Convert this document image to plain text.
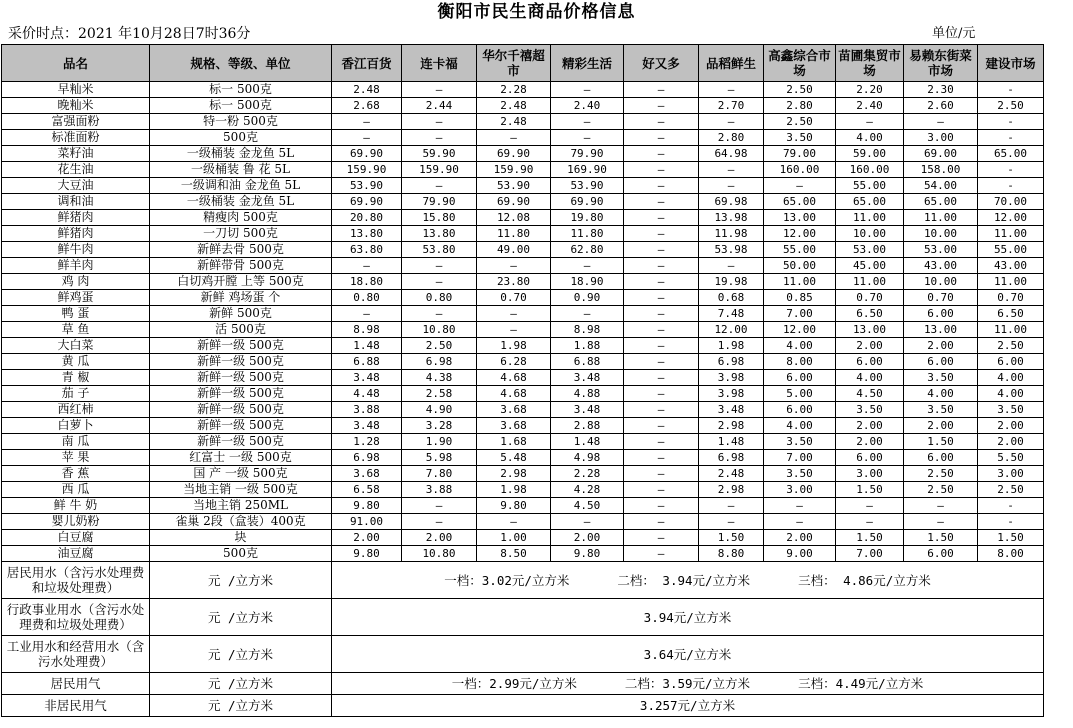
衡阳市民生商品价格信息
采价时点：2021 年10月28日7时36分	单位/元
品名	规格、等级、单位	香江百货	连卡福	华尔千禧超 市	精彩生活	好又多	品稻鲜生	高鑫综合市 场	苗圃集贸市 场	易赖东街菜市场	建设市场
早籼米	标一 500克	2.48	—	2.28	—	—	—	2.50	2.20	2.30	-
晚籼米	标一 500克	2.68	2.44	2.48	2.40	—	2.70	2.80	2.40	2.60	2.50
富强面粉	特一粉 500克	—	—	2.48	—	—	—	2.50	—	—	-
标准面粉	500克	—	—	—	—	—	2.80	3.50	4.00	3.00	-
菜籽油	一级桶装 金龙鱼 5L	69.90	59.90	69.90	79.90	—	64.98	79.00	59.00	69.00	65.00
花生油	一级桶装 鲁 花 5L	159.90	159.90	159.90	169.90	—	—	160.00	160.00	158.00	-
大豆油	一级调和油 金龙鱼 5L	53.90	—	53.90	53.90	—	—	—	55.00	54.00	-
调和油	一级桶装 金龙鱼 5L	69.90	79.90	69.90	69.90	—	69.98	65.00	65.00	65.00	70.00
鲜猪肉	精瘦肉 500克	20.80	15.80	12.08	19.80	—	13.98	13.00	11.00	11.00	12.00
鲜猪肉	一刀切 500克	13.80	13.80	11.80	11.80	—	11.98	12.00	10.00	10.00	11.00
鲜牛肉	新鲜去骨 500克	63.80	53.80	49.00	62.80	—	53.98	55.00	53.00	53.00	55.00
鲜羊肉	新鲜带骨 500克	—	—	—	—	—	—	50.00	45.00	43.00	43.00
鸡 肉	白切鸡开膛 上等 500克	18.80	—	23.80	18.90	—	19.98	11.00	11.00	10.00	11.00
鲜鸡蛋	新鲜 鸡场蛋 个	0.80	0.80	0.70	0.90	—	0.68	0.85	0.70	0.70	0.70
鸭 蛋	新鲜 500克	—	—	—	—	—	7.48	7.00	6.50	6.00	6.50
草 鱼	活 500克	8.98	10.80	—	8.98	—	12.00	12.00	13.00	13.00	11.00
大白菜	新鲜一级 500克	1.48	2.50	1.98	1.88	—	1.98	4.00	2.00	2.00	2.50
黄 瓜	新鲜一级 500克	6.88	6.98	6.28	6.88	—	6.98	8.00	6.00	6.00	6.00
青 椒	新鲜一级 500克	3.48	4.38	4.68	3.48	—	3.98	6.00	4.00	3.50	4.00
茄 子	新鲜一级 500克	4.48	2.58	4.68	4.88	—	3.98	5.00	4.50	4.00	4.00
西红柿	新鲜一级 500克	3.88	4.90	3.68	3.48	—	3.48	6.00	3.50	3.50	3.50
白萝卜	新鲜一级 500克	3.48	3.28	3.68	2.88	—	2.98	4.00	2.00	2.00	2.00
南 瓜	新鲜一级 500克	1.28	1.90	1.68	1.48	—	1.48	3.50	2.00	1.50	2.00
苹 果	红富士 一级 500克	6.98	5.98	5.48	4.98	—	6.98	7.00	6.00	6.00	5.50
香 蕉	国 产 一级 500克	3.68	7.80	2.98	2.28	—	2.48	3.50	3.00	2.50	3.00
西 瓜	当地主销 一级 500克	6.58	3.88	1.98	4.28	—	2.98	3.00	1.50	2.50	2.50
鲜 牛 奶	当地主销 250ML	9.80	—	9.80	4.50	—	—	—	—	—	-
婴儿奶粉	雀巢 2段（盒装）400克	91.00	—	—	—	—	—	—	—	—	-
白豆腐	块	2.00	2.00	1.00	2.00	—	1.50	2.00	1.50	1.50	1.50
油豆腐	500克	9.80	10.80	8.50	9.80	—	8.80	9.00	7.00	6.00	8.00
居民用水（含污水处理费和垃圾处理费）	元 /立方米	一档：3.02元/立方米 二档： 3.94元/立方米 三档： 4.86元/立方米									
行政事业用水（含污水处理费和垃圾处理费）	元 /立方米	3.94元/立方米									
工业用水和经营用水（含污水处理费）	元 /立方米	3.64元/立方米									
居民用气	元 /立方米	一档：2.99元/立方米 二档：3.59元/立方米 三档：4.49元/立方米									
非居民用气	元 /立方米	3.257元/立方米									
